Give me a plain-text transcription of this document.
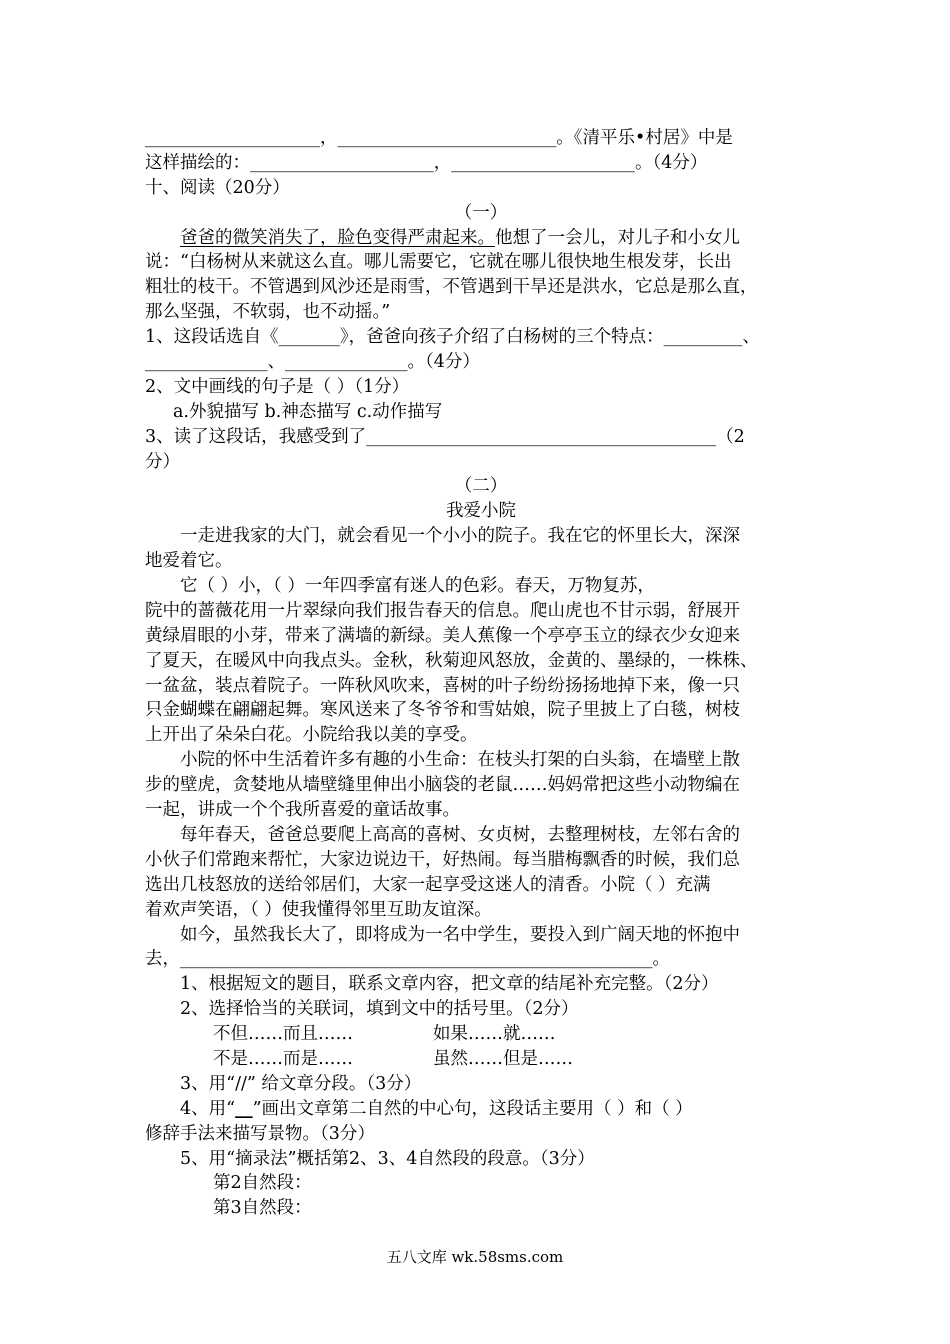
____________________，_________________________。《清平乐•村居》中是
这样描绘的：_____________________，_____________________。（4分）
十、阅读（20分）
（一）
爸爸的微笑消失了，脸色变得严肃起来。他想了一会儿，对儿子和小女儿
说：“白杨树从来就这么直。哪儿需要它，它就在哪儿很快地生根发芽，长出
粗壮的枝干。不管遇到风沙还是雨雪，不管遇到干旱还是洪水，它总是那么直，
那么坚强，不软弱，也不动摇。”
1、这段话选自《_______》，爸爸向孩子介绍了白杨树的三个特点：_________、
______________、______________。（4分）
2、文中画线的句子是（ ）（1分）
a.外貌描写 b.神态描写 c.动作描写
3、读了这段话，我感受到了________________________________________（2
分）
（二）
我爱小院
一走进我家的大门，就会看见一个小小的院子。我在它的怀里长大，深深
地爱着它。
它（ ）小，（ ）一年四季富有迷人的色彩。春天，万物复苏，
院中的蔷薇花用一片翠绿向我们报告春天的信息。爬山虎也不甘示弱，舒展开
黄绿眉眼的小芽，带来了满墙的新绿。美人蕉像一个亭亭玉立的绿衣少女迎来
了夏天，在暖风中向我点头。金秋，秋菊迎风怒放，金黄的、墨绿的，一株株、
一盆盆，装点着院子。一阵秋风吹来，喜树的叶子纷纷扬扬地掉下来，像一只
只金蝴蝶在翩翩起舞。寒风送来了冬爷爷和雪姑娘，院子里披上了白毯，树枝
上开出了朵朵白花。小院给我以美的享受。
小院的怀中生活着许多有趣的小生命：在枝头打架的白头翁，在墙壁上散
步的壁虎，贪婪地从墙壁缝里伸出小脑袋的老鼠……妈妈常把这些小动物编在
一起，讲成一个个我所喜爱的童话故事。
每年春天，爸爸总要爬上高高的喜树、女贞树，去整理树枝，左邻右舍的
小伙子们常跑来帮忙，大家边说边干，好热闹。每当腊梅飘香的时候，我们总
选出几枝怒放的送给邻居们，大家一起享受这迷人的清香。小院（ ）充满
着欢声笑语，（ ）使我懂得邻里互助友谊深。
如今，虽然我长大了，即将成为一名中学生，要投入到广阔天地的怀抱中
去，______________________________________________________。
1、根据短文的题目，联系文章内容，把文章的结尾补充完整。（2分）
2、选择恰当的关联词，填到文中的括号里。（2分）
不但……而且……	如果……就……
不是……而是……	虽然……但是……
3、用“//” 给文章分段。（3分）
4、用“__”画出文章第二自然的中心句，这段话主要用（ ）和（ ）
修辞手法来描写景物。（3分）
5、用“摘录法”概括第2、3、4自然段的段意。（3分）
第2自然段：
第3自然段：
五八文库 wk.58sms.com
